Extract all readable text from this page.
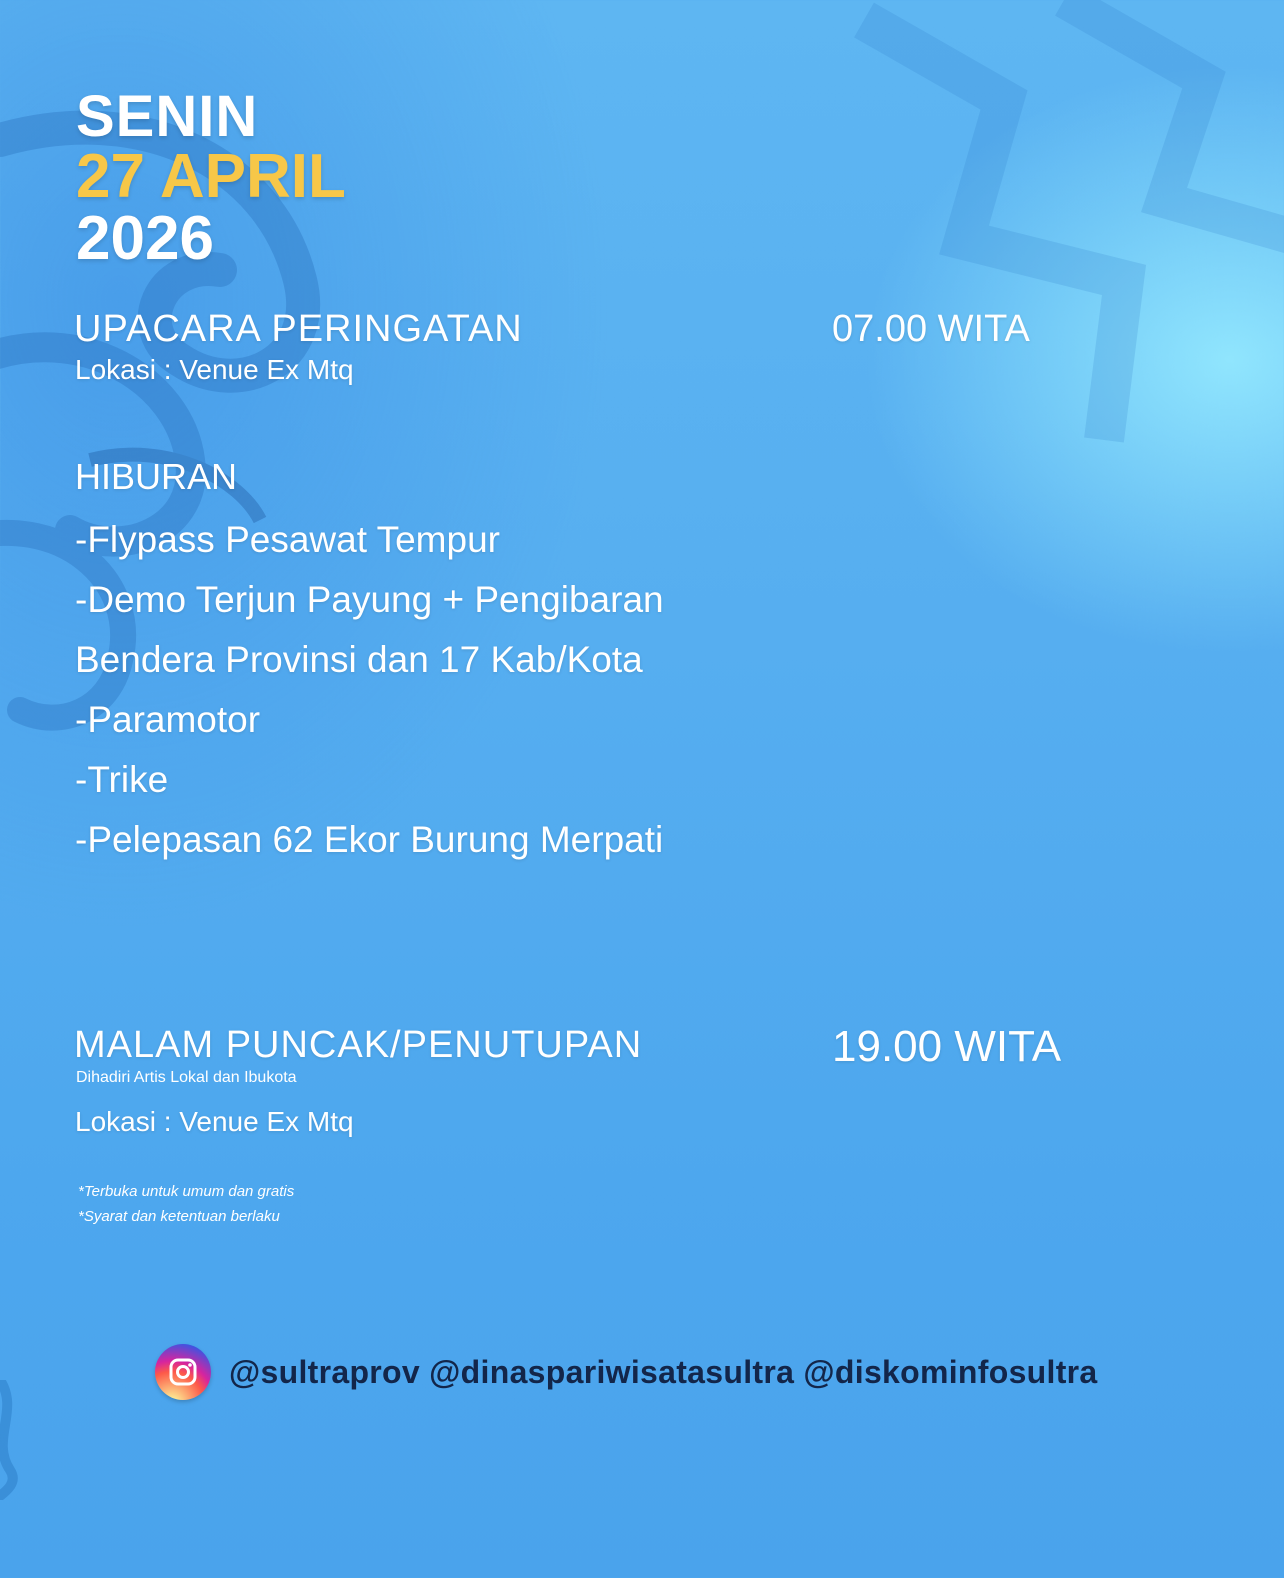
SENIN
27 APRIL
2026
UPACARA PERINGATAN	07.00 WITA
Lokasi : Venue Ex Mtq
HIBURAN
-Flypass Pesawat Tempur
-Demo Terjun Payung + Pengibaran
Bendera Provinsi dan 17 Kab/Kota
-Paramotor
-Trike
-Pelepasan 62 Ekor Burung Merpati
MALAM PUNCAK/PENUTUPAN	19.00 WITA
Dihadiri Artis Lokal dan Ibukota
Lokasi : Venue Ex Mtq
*Terbuka untuk umum dan gratis
*Syarat dan ketentuan berlaku
@sultraprov @dinaspariwisatasultra @diskominfosultra
